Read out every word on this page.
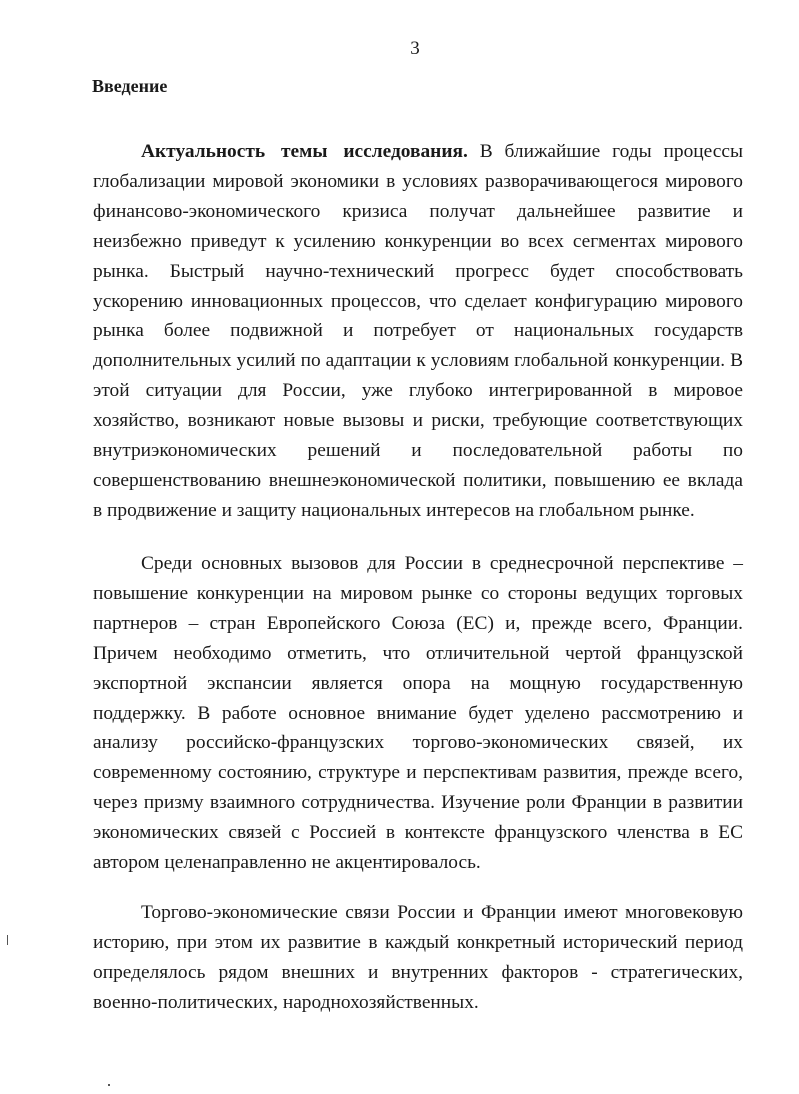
3
Введение

Актуальность темы исследования. В ближайшие годы процессы глобализации мировой экономики в условиях разворачивающегося мирового финансово-экономического кризиса получат дальнейшее развитие и неизбежно приведут к усилению конкуренции во всех сегментах мирового рынка. Быстрый научно-технический прогресс будет способствовать ускорению инновационных процессов, что сделает конфигурацию мирового рынка более подвижной и потребует от национальных государств дополнительных усилий по адаптации к условиям глобальной конкуренции. В этой ситуации для России, уже глубоко интегрированной в мировое хозяйство, возникают новые вызовы и риски, требующие соответствующих внутриэкономических решений и последовательной работы по совершенствованию внешнеэкономической политики, повышению ее вклада в продвижение и защиту национальных интересов на глобальном рынке.

Среди основных вызовов для России в среднесрочной перспективе – повышение конкуренции на мировом рынке со стороны ведущих торговых партнеров – стран Европейского Союза (ЕС) и, прежде всего, Франции. Причем необходимо отметить, что отличительной чертой французской экспортной экспансии является опора на мощную государственную поддержку. В работе основное внимание будет уделено рассмотрению и анализу российско-французских торгово-экономических связей, их современному состоянию, структуре и перспективам развития, прежде всего, через призму взаимного сотрудничества. Изучение роли Франции в развитии экономических связей с Россией в контексте французского членства в ЕС автором целенаправленно не акцентировалось.

Торгово-экономические связи России и Франции имеют многовековую историю, при этом их развитие в каждый конкретный исторический период определялось рядом внешних и внутренних факторов - стратегических, военно-политических, народнохозяйственных.
